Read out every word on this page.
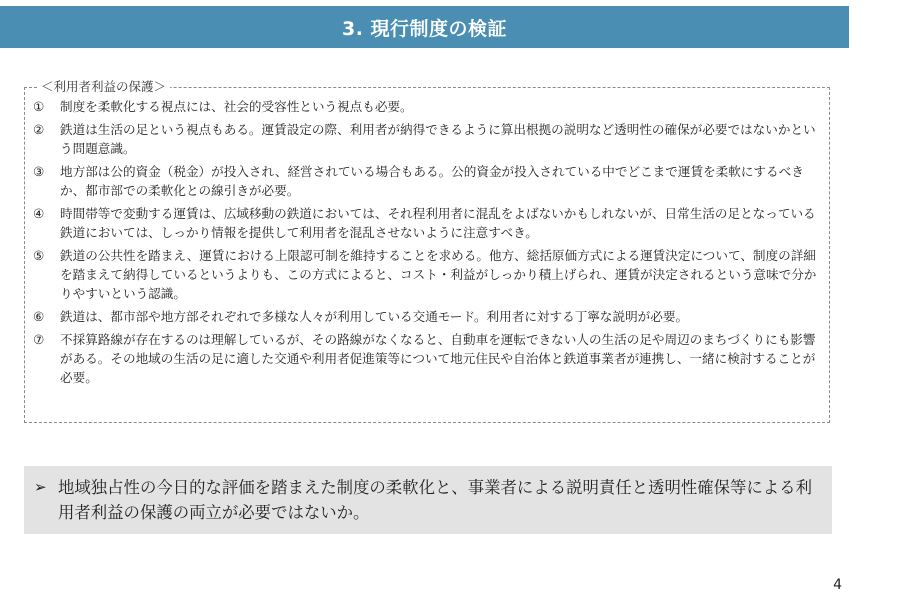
3. 現行制度の検証
＜利用者利益の保護＞
①	制度を柔軟化する視点には、社会的受容性という視点も必要。
②	鉄道は生活の足という視点もある。運賃設定の際、利用者が納得できるように算出根拠の説明など透明性の確保が必要ではないかという問題意識。
③	地方部は公的資金（税金）が投入され、経営されている場合もある。公的資金が投入されている中でどこまで運賃を柔軟にするべきか、都市部での柔軟化との線引きが必要。
④	時間帯等で変動する運賃は、広域移動の鉄道においては、それ程利用者に混乱をよばないかもしれないが、日常生活の足となっている鉄道においては、しっかり情報を提供して利用者を混乱させないように注意すべき。
⑤	鉄道の公共性を踏まえ、運賃における上限認可制を維持することを求める。他方、総括原価方式による運賃決定について、制度の詳細を踏まえて納得しているというよりも、この方式によると、コスト・利益がしっかり積上げられ、運賃が決定されるという意味で分かりやすいという認識。
⑥	鉄道は、都市部や地方部それぞれで多様な人々が利用している交通モード。利用者に対する丁寧な説明が必要。
⑦	不採算路線が存在するのは理解しているが、その路線がなくなると、自動車を運転できない人の生活の足や周辺のまちづくりにも影響がある。その地域の生活の足に適した交通や利用者促進策等について地元住民や自治体と鉄道事業者が連携し、一緒に検討することが必要。
➢ 地域独占性の今日的な評価を踏まえた制度の柔軟化と、事業者による説明責任と透明性確保等による利用者利益の保護の両立が必要ではないか。
4
